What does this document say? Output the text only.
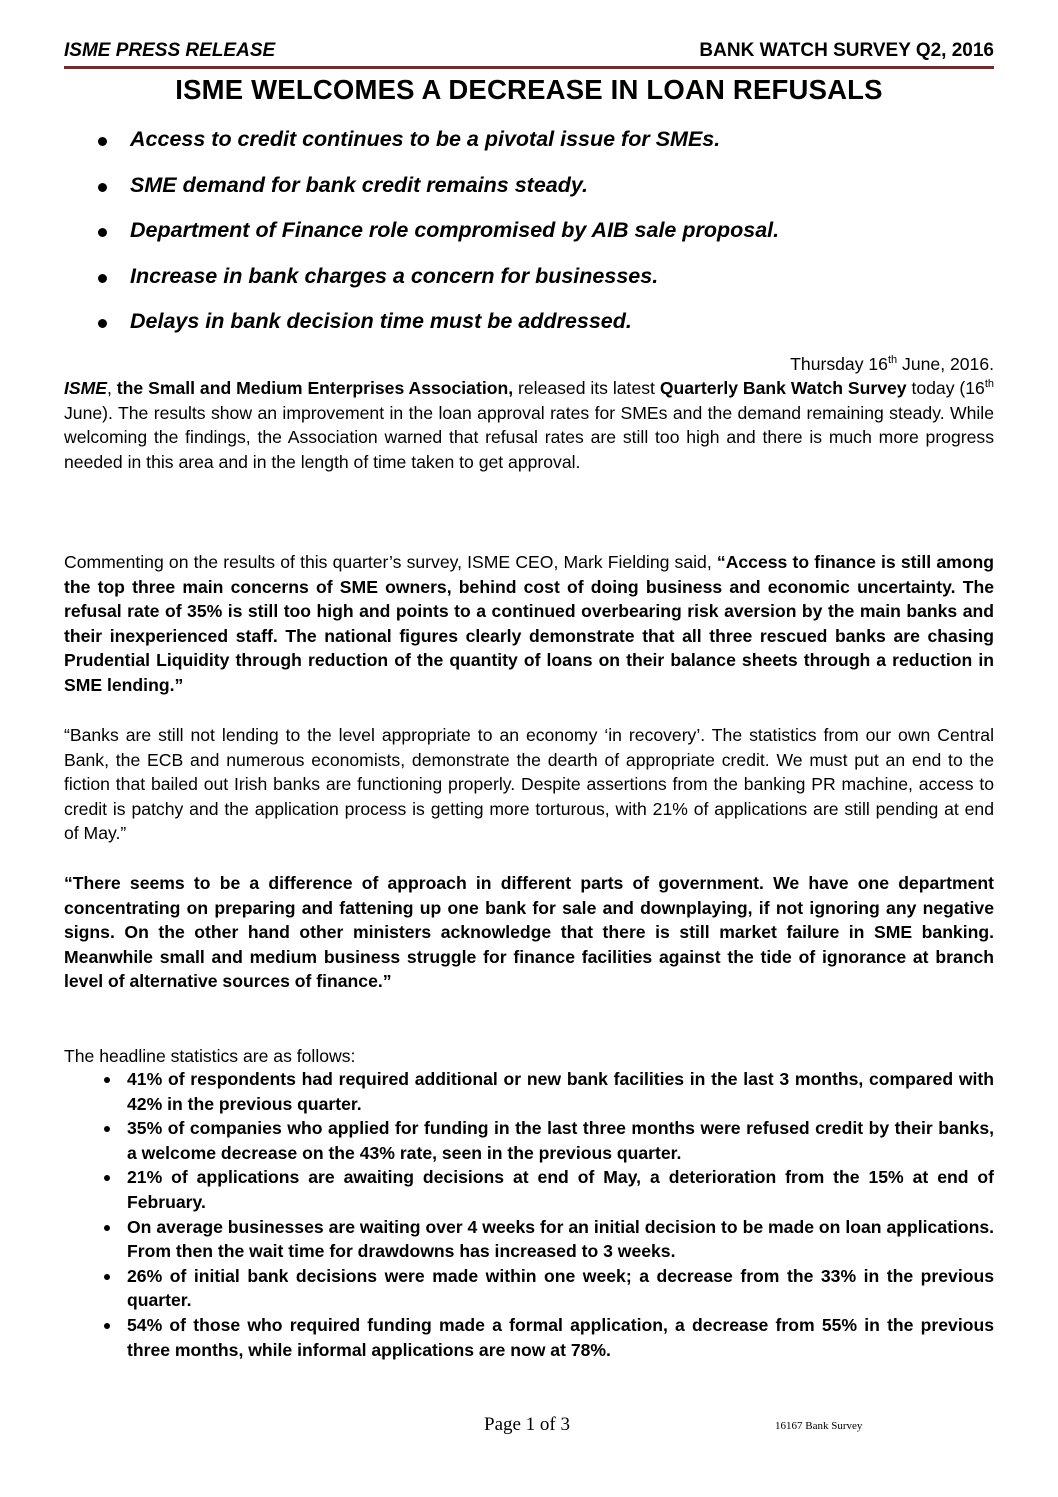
ISME PRESS RELEASE	BANK WATCH SURVEY Q2, 2016
ISME WELCOMES A DECREASE IN LOAN REFUSALS
Access to credit continues to be a pivotal issue for SMEs.
SME demand for bank credit remains steady.
Department of Finance role compromised by AIB sale proposal.
Increase in bank charges a concern for businesses.
Delays in bank decision time must be addressed.
Thursday 16th June, 2016.

ISME, the Small and Medium Enterprises Association, released its latest Quarterly Bank Watch Survey today (16th June). The results show an improvement in the loan approval rates for SMEs and the demand remaining steady. While welcoming the findings, the Association warned that refusal rates are still too high and there is much more progress needed in this area and in the length of time taken to get approval.

Commenting on the results of this quarter’s survey, ISME CEO, Mark Fielding said, “Access to finance is still among the top three main concerns of SME owners, behind cost of doing business and economic uncertainty. The refusal rate of 35% is still too high and points to a continued overbearing risk aversion by the main banks and their inexperienced staff. The national figures clearly demonstrate that all three rescued banks are chasing Prudential Liquidity through reduction of the quantity of loans on their balance sheets through a reduction in SME lending.”

“Banks are still not lending to the level appropriate to an economy ‘in recovery’. The statistics from our own Central Bank, the ECB and numerous economists, demonstrate the dearth of appropriate credit. We must put an end to the fiction that bailed out Irish banks are functioning properly. Despite assertions from the banking PR machine, access to credit is patchy and the application process is getting more torturous, with 21% of applications are still pending at end of May.”

“There seems to be a difference of approach in different parts of government. We have one department concentrating on preparing and fattening up one bank for sale and downplaying, if not ignoring any negative signs. On the other hand other ministers acknowledge that there is still market failure in SME banking. Meanwhile small and medium business struggle for finance facilities against the tide of ignorance at branch level of alternative sources of finance.”

The headline statistics are as follows:

41% of respondents had required additional or new bank facilities in the last 3 months, compared with 42% in the previous quarter.
35% of companies who applied for funding in the last three months were refused credit by their banks, a welcome decrease on the 43% rate, seen in the previous quarter.
21% of applications are awaiting decisions at end of May, a deterioration from the 15% at end of February.
On average businesses are waiting over 4 weeks for an initial decision to be made on loan applications. From then the wait time for drawdowns has increased to 3 weeks.
26% of initial bank decisions were made within one week; a decrease from the 33% in the previous quarter.
54% of those who required funding made a formal application, a decrease from 55% in the previous three months, while informal applications are now at 78%.
Page 1 of 3	16167 Bank Survey
